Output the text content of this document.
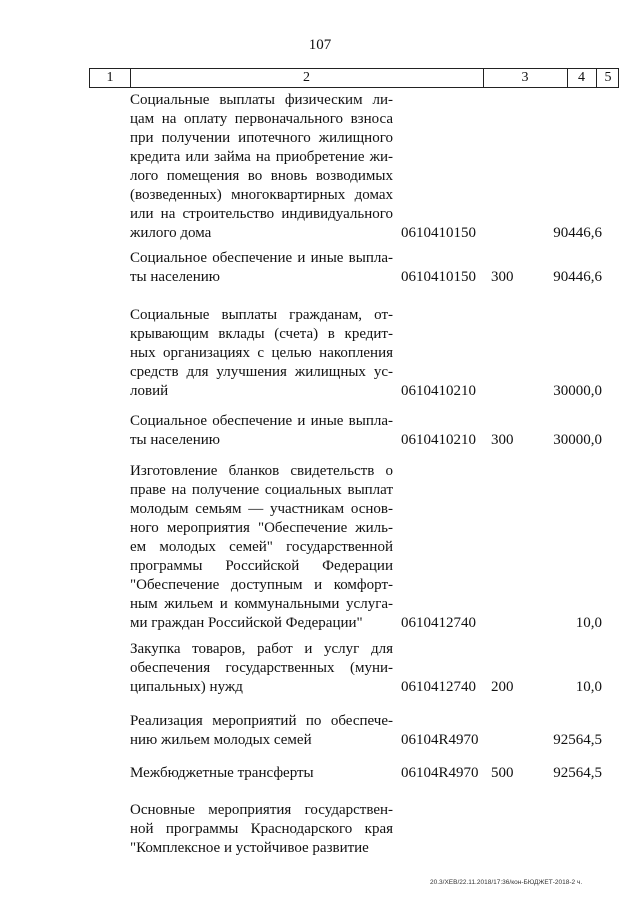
107
1	2	3	4	5
Социальные выплаты физическим ли-
цам на оплату первоначального взноса
при получении ипотечного жилищного
кредита или займа на приобретение жи-
лого помещения во вновь возводимых
(возведенных) многоквартирных домах
или на строительство индивидуального
жилого дома	0610410150	90446,6
Социальное обеспечение и иные выпла-
ты населению	0610410150 300	90446,6
Социальные выплаты гражданам, от-
крывающим вклады (счета) в кредит-
ных организациях с целью накопления
средств для улучшения жилищных ус-
ловий	0610410210	30000,0
Социальное обеспечение и иные выпла-
ты населению	0610410210 300	30000,0
Изготовление бланков свидетельств о
праве на получение социальных выплат
молодым семьям — участникам основ-
ного мероприятия "Обеспечение жиль-
ем молодых семей" государственной
программы Российской Федерации
"Обеспечение доступным и комфорт-
ным жильем и коммунальными услуга-
ми граждан Российской Федерации"	0610412740	10,0
Закупка товаров, работ и услуг для
обеспечения государственных (муни-
ципальных) нужд	0610412740 200	10,0
Реализация мероприятий по обеспече-
нию жильем молодых семей	06104R4970	92564,5
Межбюджетные трансферты	06104R4970 500	92564,5
Основные мероприятия государствен-
ной программы Краснодарского края
"Комплексное и устойчивое развитие
20.3/ХЕВ/22.11.2018/17:36/кон-БЮДЖЕТ-2018-2 ч.
